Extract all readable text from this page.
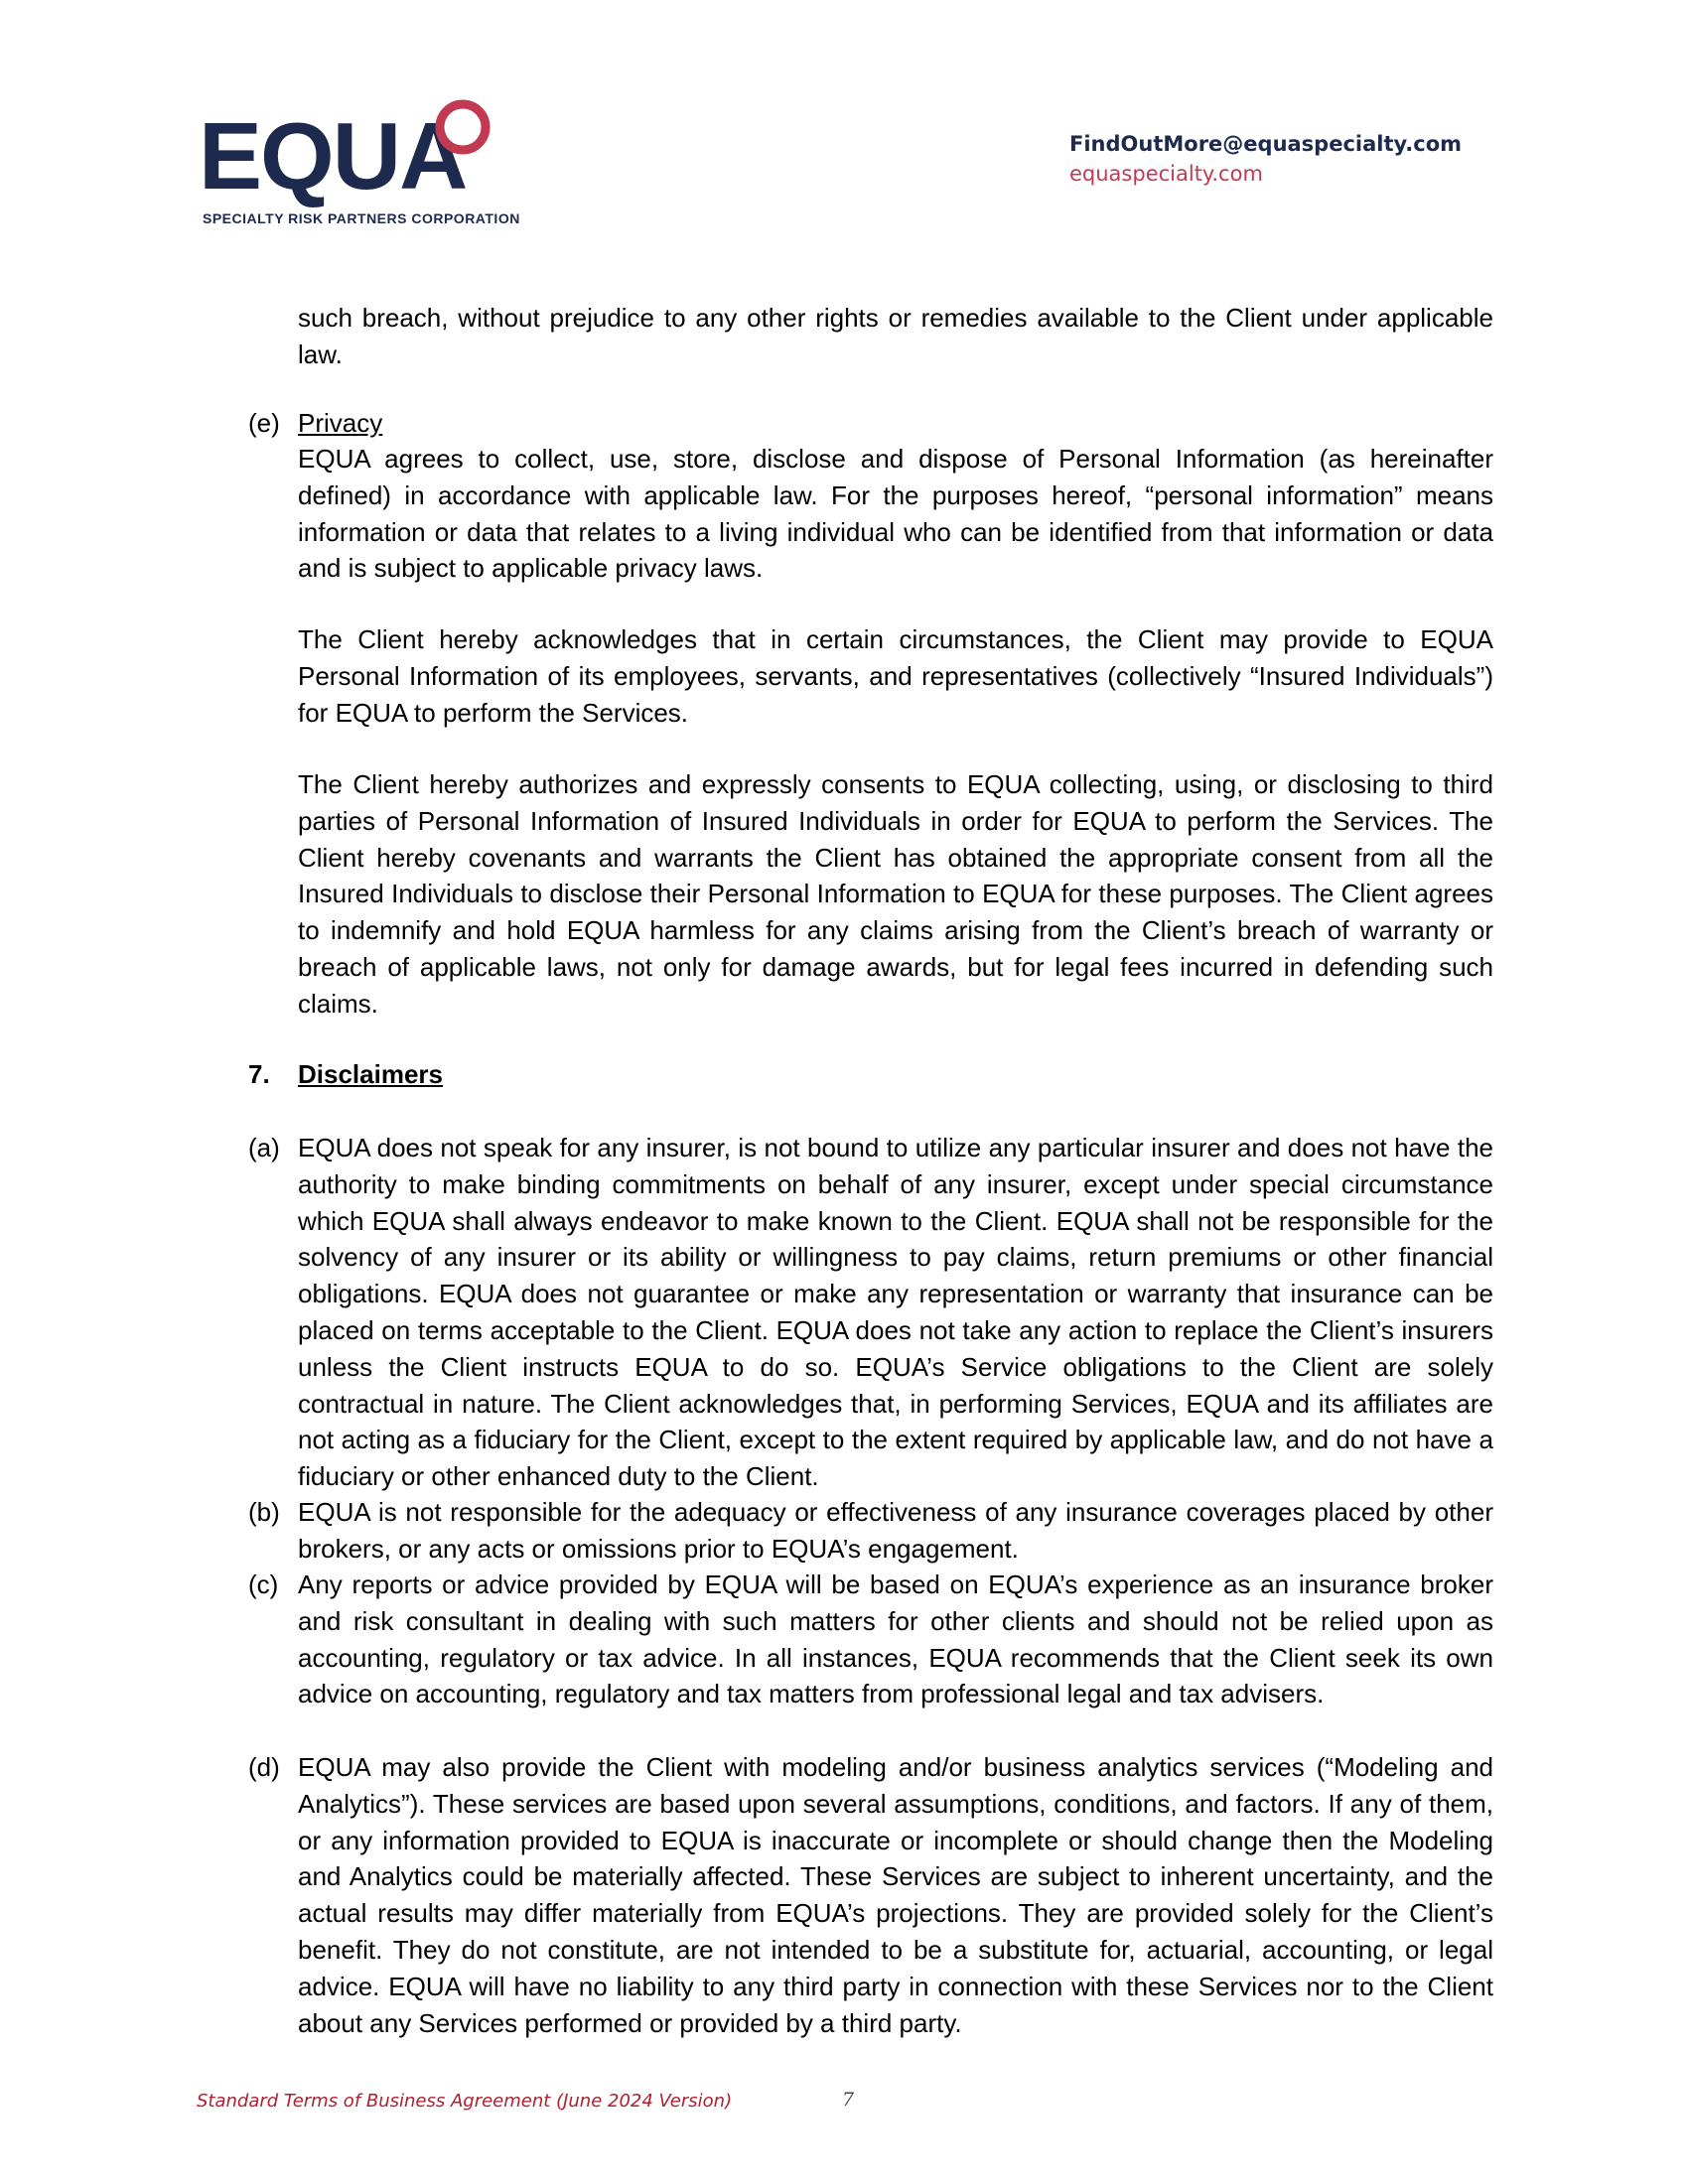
EQUA
SPECIALTY RISK PARTNERS CORPORATION
FindOutMore@equaspecialty.com
equaspecialty.com
such breach, without prejudice to any other rights or remedies available to the Client under applicable law.
(e) Privacy
EQUA agrees to collect, use, store, disclose and dispose of Personal Information (as hereinafter defined) in accordance with applicable law. For the purposes hereof, “personal information” means information or data that relates to a living individual who can be identified from that information or data and is subject to applicable privacy laws.
The Client hereby acknowledges that in certain circumstances, the Client may provide to EQUA Personal Information of its employees, servants, and representatives (collectively “Insured Individuals”) for EQUA to perform the Services.
The Client hereby authorizes and expressly consents to EQUA collecting, using, or disclosing to third parties of Personal Information of Insured Individuals in order for EQUA to perform the Services. The Client hereby covenants and warrants the Client has obtained the appropriate consent from all the Insured Individuals to disclose their Personal Information to EQUA for these purposes. The Client agrees to indemnify and hold EQUA harmless for any claims arising from the Client’s breach of warranty or breach of applicable laws, not only for damage awards, but for legal fees incurred in defending such claims.
7. Disclaimers
(a) EQUA does not speak for any insurer, is not bound to utilize any particular insurer and does not have the authority to make binding commitments on behalf of any insurer, except under special circumstance which EQUA shall always endeavor to make known to the Client. EQUA shall not be responsible for the solvency of any insurer or its ability or willingness to pay claims, return premiums or other financial obligations. EQUA does not guarantee or make any representation or warranty that insurance can be placed on terms acceptable to the Client. EQUA does not take any action to replace the Client’s insurers unless the Client instructs EQUA to do so. EQUA’s Service obligations to the Client are solely contractual in nature. The Client acknowledges that, in performing Services, EQUA and its affiliates are not acting as a fiduciary for the Client, except to the extent required by applicable law, and do not have a fiduciary or other enhanced duty to the Client.
(b) EQUA is not responsible for the adequacy or effectiveness of any insurance coverages placed by other brokers, or any acts or omissions prior to EQUA’s engagement.
(c) Any reports or advice provided by EQUA will be based on EQUA’s experience as an insurance broker and risk consultant in dealing with such matters for other clients and should not be relied upon as accounting, regulatory or tax advice. In all instances, EQUA recommends that the Client seek its own advice on accounting, regulatory and tax matters from professional legal and tax advisers.
(d) EQUA may also provide the Client with modeling and/or business analytics services (“Modeling and Analytics”). These services are based upon several assumptions, conditions, and factors. If any of them, or any information provided to EQUA is inaccurate or incomplete or should change then the Modeling and Analytics could be materially affected. These Services are subject to inherent uncertainty, and the actual results may differ materially from EQUA’s projections. They are provided solely for the Client’s benefit. They do not constitute, are not intended to be a substitute for, actuarial, accounting, or legal advice. EQUA will have no liability to any third party in connection with these Services nor to the Client about any Services performed or provided by a third party.
Standard Terms of Business Agreement (June 2024 Version)	7
